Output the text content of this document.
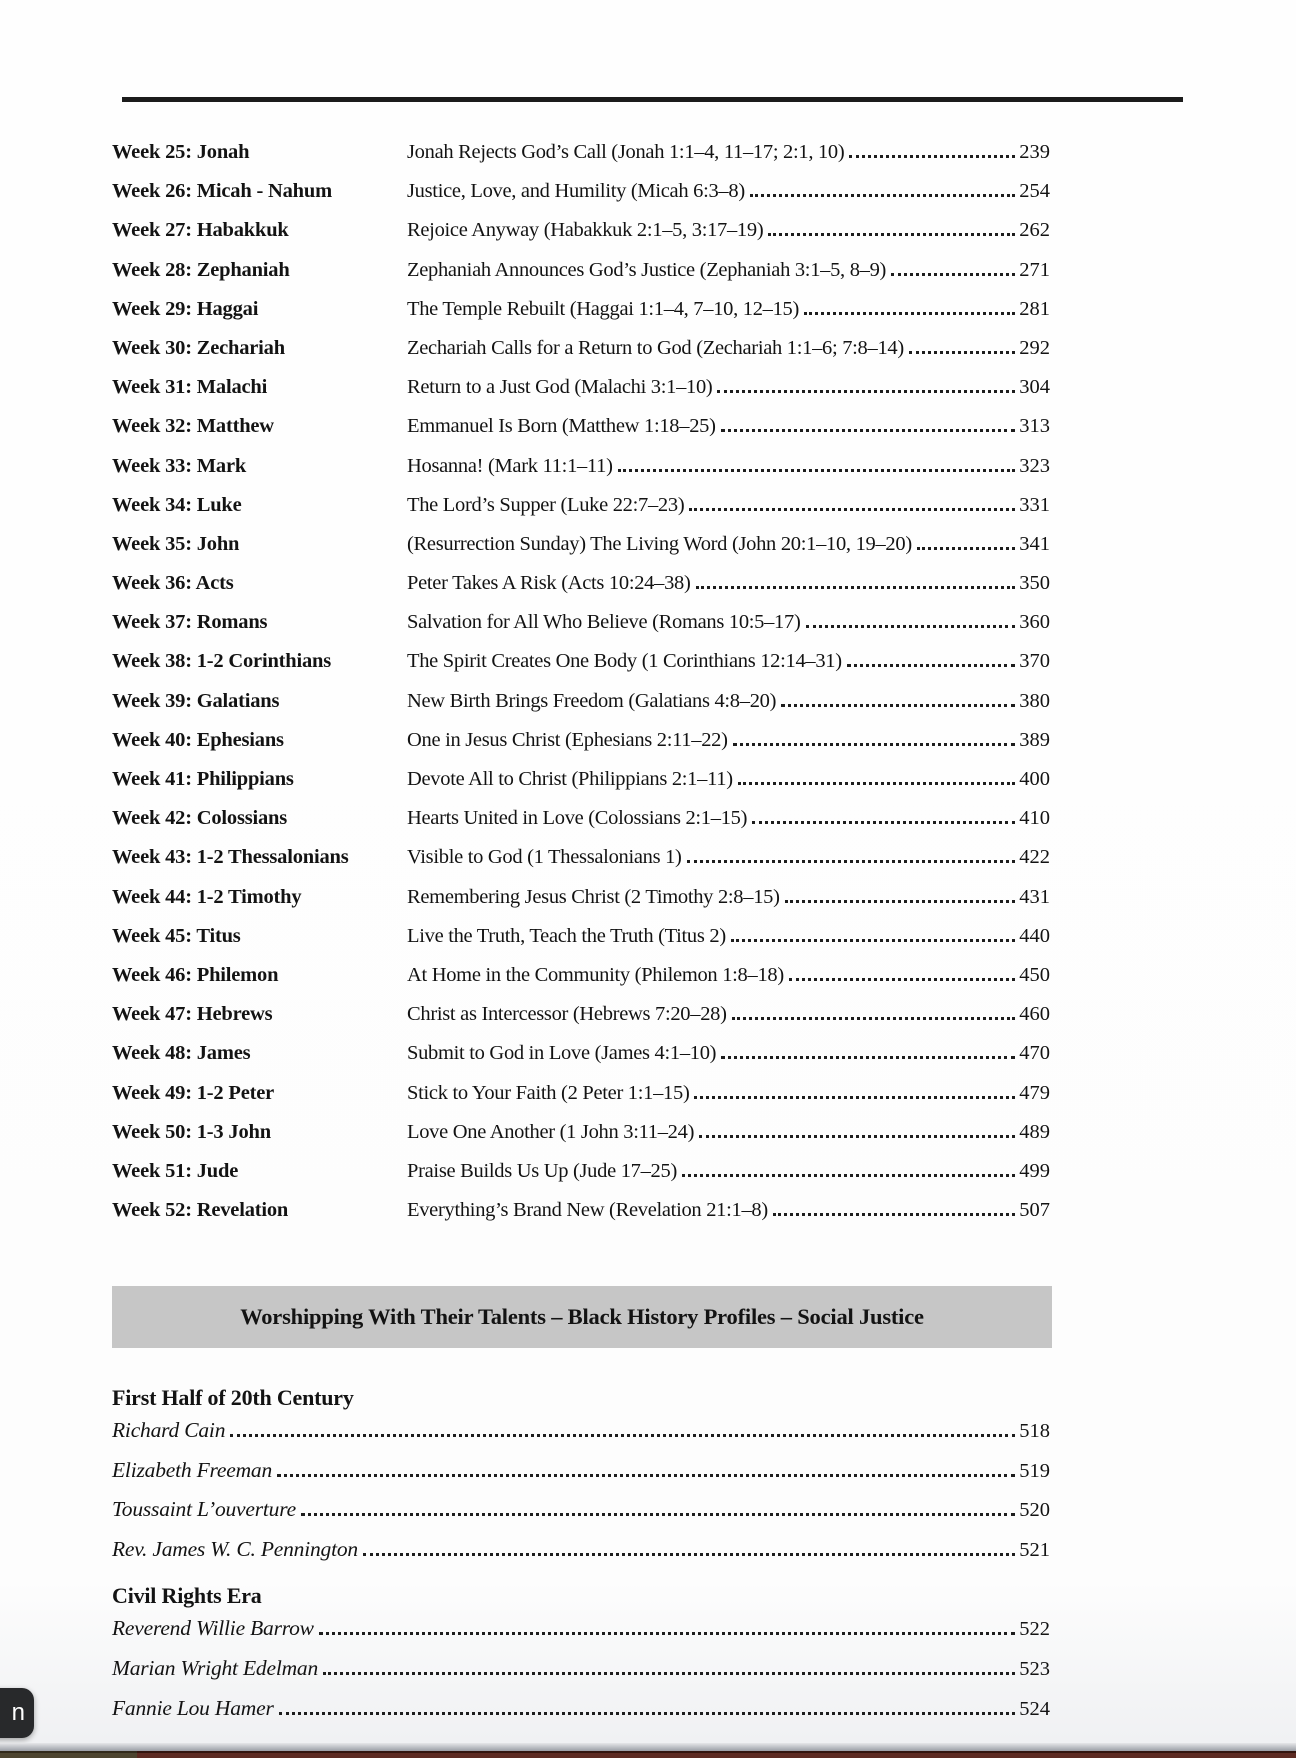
Week 25: Jonah	Jonah Rejects God’s Call (Jonah 1:1–4, 11–17; 2:1, 10)	239
Week 26: Micah - Nahum	Justice, Love, and Humility (Micah 6:3–8)	254
Week 27: Habakkuk	Rejoice Anyway (Habakkuk 2:1–5, 3:17–19)	262
Week 28: Zephaniah	Zephaniah Announces God’s Justice (Zephaniah 3:1–5, 8–9)	271
Week 29: Haggai	The Temple Rebuilt (Haggai 1:1–4, 7–10, 12–15)	281
Week 30: Zechariah	Zechariah Calls for a Return to God (Zechariah 1:1–6; 7:8–14)	292
Week 31: Malachi	Return to a Just God (Malachi 3:1–10)	304
Week 32: Matthew	Emmanuel Is Born (Matthew 1:18–25)	313
Week 33: Mark	Hosanna! (Mark 11:1–11)	323
Week 34: Luke	The Lord’s Supper (Luke 22:7–23)	331
Week 35: John	(Resurrection Sunday) The Living Word (John 20:1–10, 19–20)	341
Week 36: Acts	Peter Takes A Risk (Acts 10:24–38)	350
Week 37: Romans	Salvation for All Who Believe (Romans 10:5–17)	360
Week 38: 1-2 Corinthians	The Spirit Creates One Body (1 Corinthians 12:14–31)	370
Week 39: Galatians	New Birth Brings Freedom (Galatians 4:8–20)	380
Week 40: Ephesians	One in Jesus Christ (Ephesians 2:11–22)	389
Week 41: Philippians	Devote All to Christ (Philippians 2:1–11)	400
Week 42: Colossians	Hearts United in Love (Colossians 2:1–15)	410
Week 43: 1-2 Thessalonians	Visible to God (1 Thessalonians 1)	422
Week 44: 1-2 Timothy	Remembering Jesus Christ (2 Timothy 2:8–15)	431
Week 45: Titus	Live the Truth, Teach the Truth (Titus 2)	440
Week 46: Philemon	At Home in the Community (Philemon 1:8–18)	450
Week 47: Hebrews	Christ as Intercessor (Hebrews 7:20–28)	460
Week 48: James	Submit to God in Love (James 4:1–10)	470
Week 49: 1-2 Peter	Stick to Your Faith (2 Peter 1:1–15)	479
Week 50: 1-3 John	Love One Another (1 John 3:11–24)	489
Week 51: Jude	Praise Builds Us Up (Jude 17–25)	499
Week 52: Revelation	Everything’s Brand New (Revelation 21:1–8)	507
Worshipping With Their Talents – Black History Profiles – Social Justice
First Half of 20th Century
Richard Cain	518
Elizabeth Freeman	519
Toussaint L’ouverture	520
Rev. James W. C. Pennington	521
Civil Rights Era
Reverend Willie Barrow	522
Marian Wright Edelman	523
Fannie Lou Hamer	524
n
